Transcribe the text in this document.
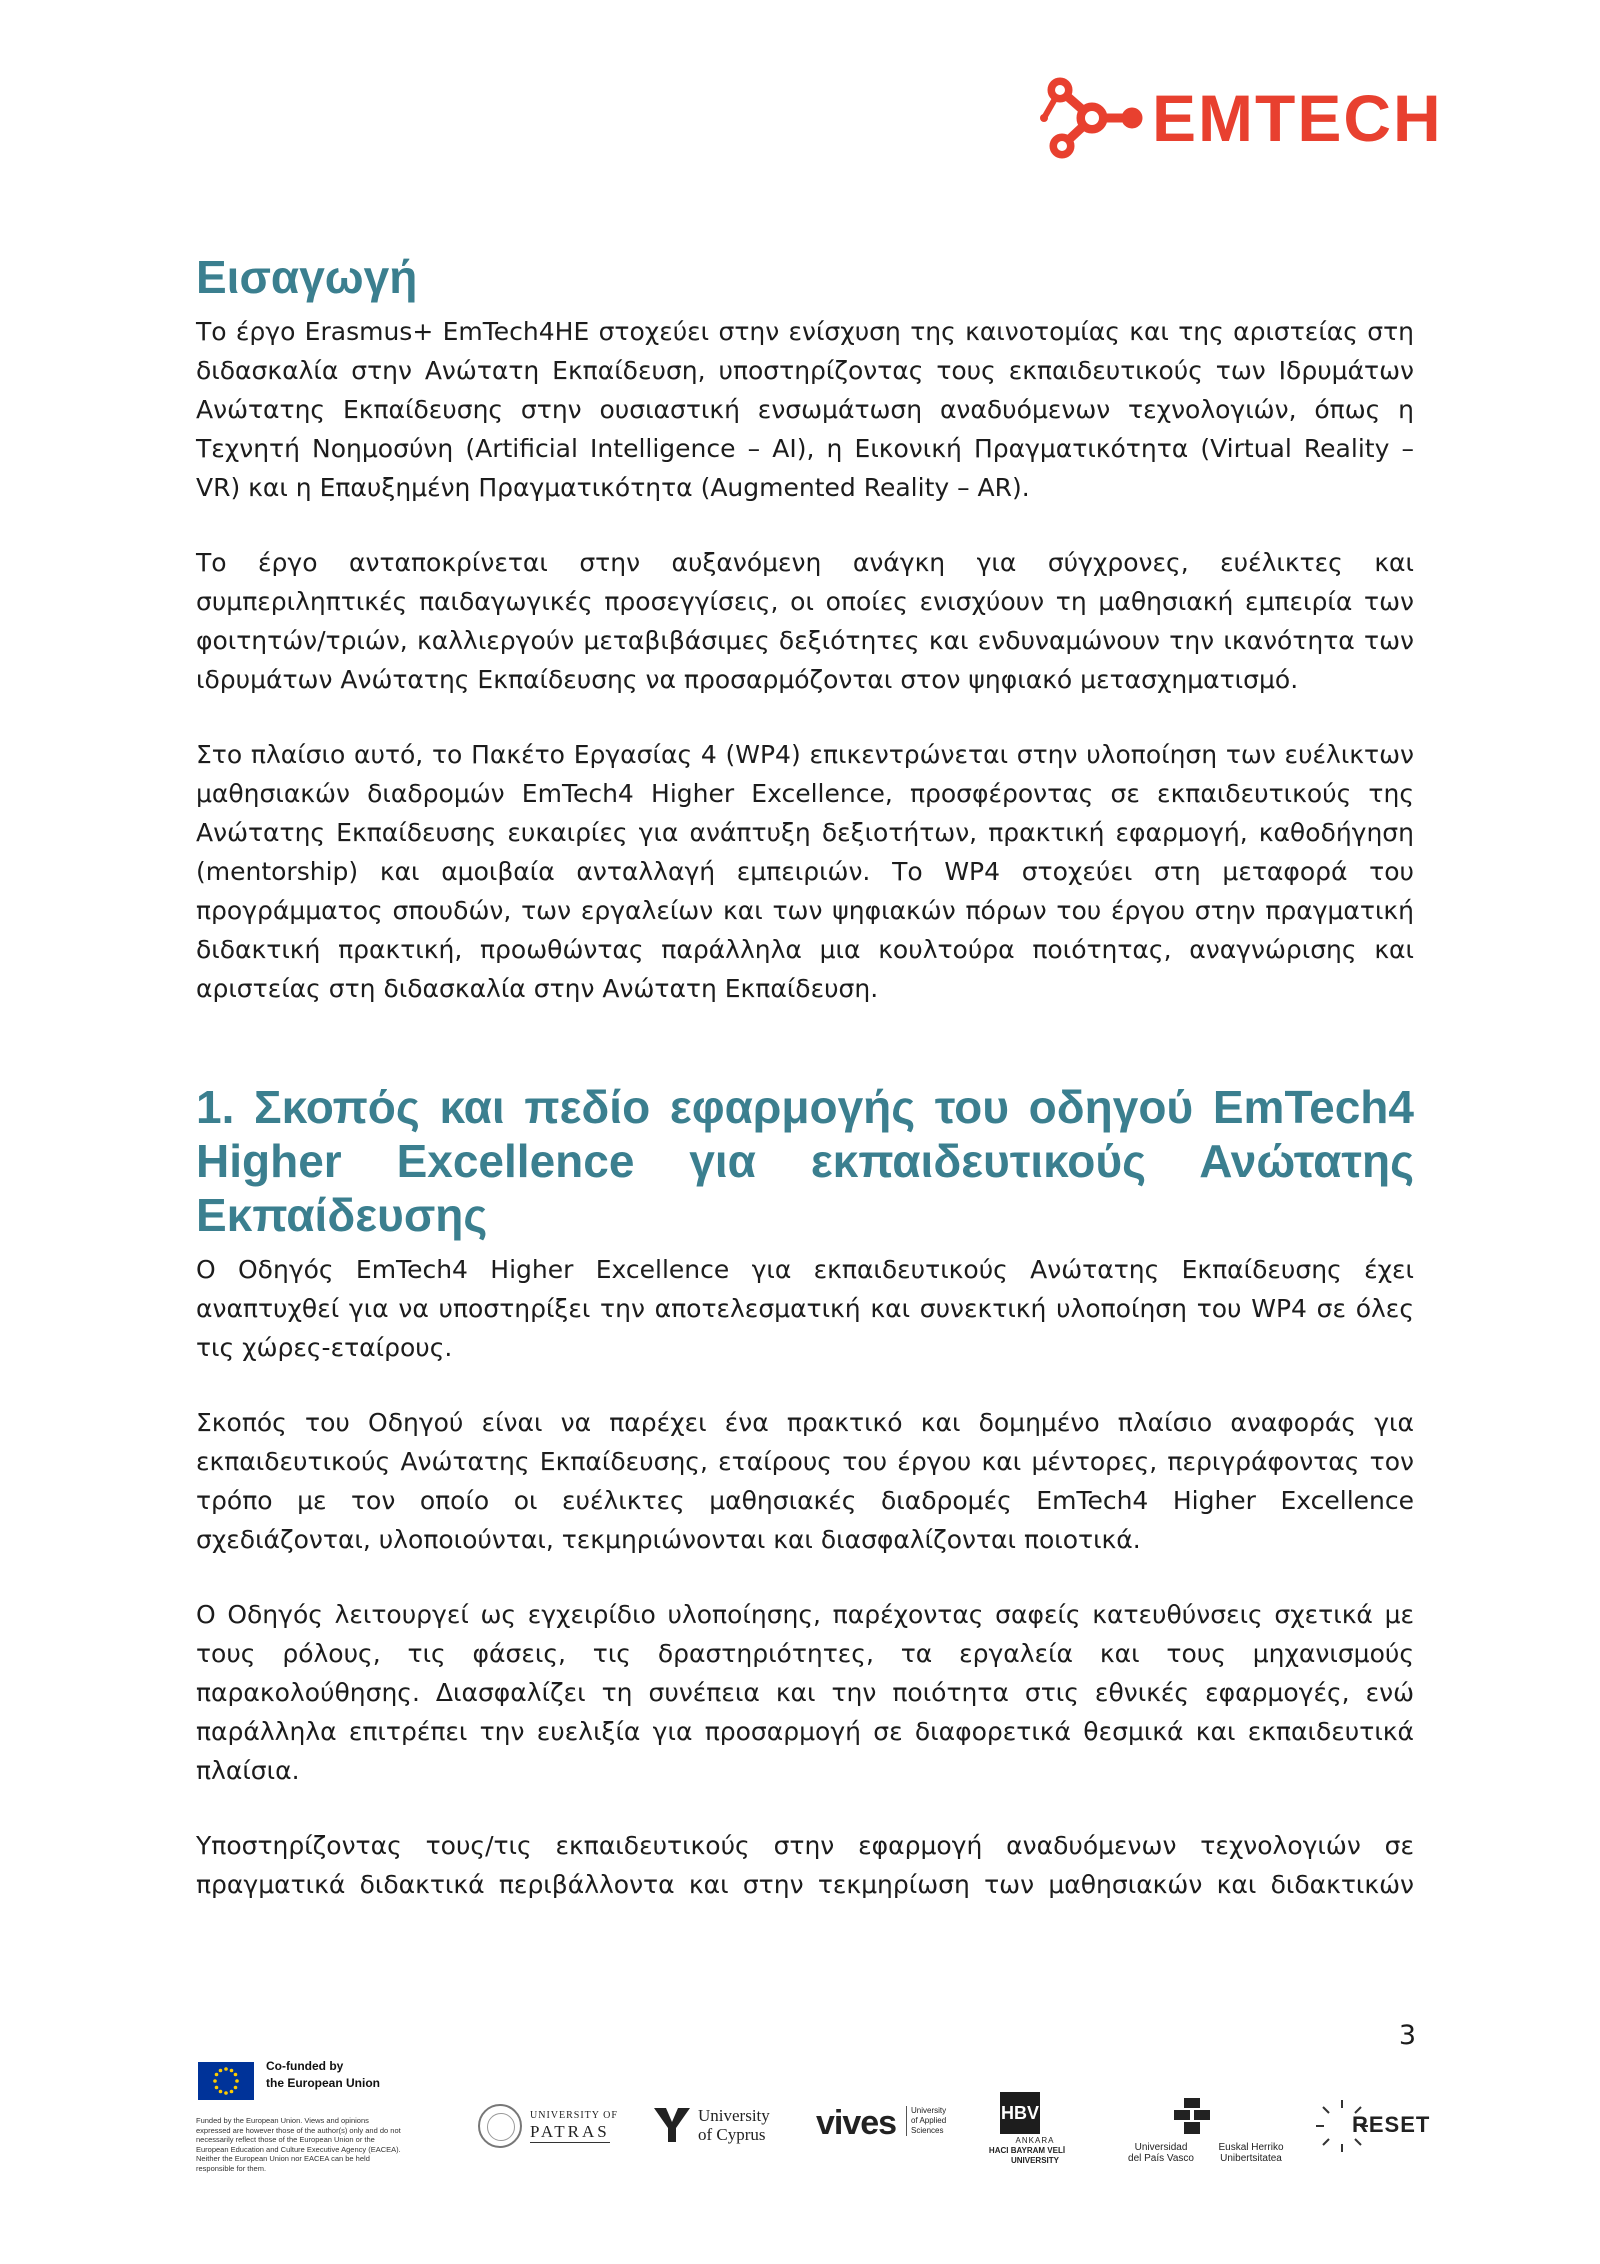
EMTECH
Εισαγωγή

Το έργο Erasmus+ EmTech4HE στοχεύει στην ενίσχυση της καινοτομίας και της αριστείας στη διδασκαλία στην Ανώτατη Εκπαίδευση, υποστηρίζοντας τους εκπαιδευτικούς των Ιδρυμάτων Ανώτατης Εκπαίδευσης στην ουσιαστική ενσωμάτωση αναδυόμενων τεχνολογιών, όπως η Τεχνητή Νοημοσύνη (Artificial Intelligence – AI), η Εικονική Πραγματικότητα (Virtual Reality – VR) και η Επαυξημένη Πραγματικότητα (Augmented Reality – AR).

Το έργο ανταποκρίνεται στην αυξανόμενη ανάγκη για σύγχρονες, ευέλικτες και συμπεριληπτικές παιδαγωγικές προσεγγίσεις, οι οποίες ενισχύουν τη μαθησιακή εμπειρία των φοιτητών/τριών, καλλιεργούν μεταβιβάσιμες δεξιότητες και ενδυναμώνουν την ικανότητα των ιδρυμάτων Ανώτατης Εκπαίδευσης να προσαρμόζονται στον ψηφιακό μετασχηματισμό.

Στο πλαίσιο αυτό, το Πακέτο Εργασίας 4 (WP4) επικεντρώνεται στην υλοποίηση των ευέλικτων μαθησιακών διαδρομών EmTech4 Higher Excellence, προσφέροντας σε εκπαιδευτικούς της Ανώτατης Εκπαίδευσης ευκαιρίες για ανάπτυξη δεξιοτήτων, πρακτική εφαρμογή, καθοδήγηση (mentorship) και αμοιβαία ανταλλαγή εμπειριών. Το WP4 στοχεύει στη μεταφορά του προγράμματος σπουδών, των εργαλείων και των ψηφιακών πόρων του έργου στην πραγματική διδακτική πρακτική, προωθώντας παράλληλα μια κουλτούρα ποιότητας, αναγνώρισης και αριστείας στη διδασκαλία στην Ανώτατη Εκπαίδευση.

1. Σκοπός και πεδίο εφαρμογής του οδηγού EmTech4 Higher Excellence για εκπαιδευτικούς Ανώτατης Εκπαίδευσης

Ο Οδηγός EmTech4 Higher Excellence για εκπαιδευτικούς Ανώτατης Εκπαίδευσης έχει αναπτυχθεί για να υποστηρίξει την αποτελεσματική και συνεκτική υλοποίηση του WP4 σε όλες τις χώρες-εταίρους.

Σκοπός του Οδηγού είναι να παρέχει ένα πρακτικό και δομημένο πλαίσιο αναφοράς για εκπαιδευτικούς Ανώτατης Εκπαίδευσης, εταίρους του έργου και μέντορες, περιγράφοντας τον τρόπο με τον οποίο οι ευέλικτες μαθησιακές διαδρομές EmTech4 Higher Excellence σχεδιάζονται, υλοποιούνται, τεκμηριώνονται και διασφαλίζονται ποιοτικά.

Ο Οδηγός λειτουργεί ως εγχειρίδιο υλοποίησης, παρέχοντας σαφείς κατευθύνσεις σχετικά με τους ρόλους, τις φάσεις, τις δραστηριότητες, τα εργαλεία και τους μηχανισμούς παρακολούθησης. Διασφαλίζει τη συνέπεια και την ποιότητα στις εθνικές εφαρμογές, ενώ παράλληλα επιτρέπει την ευελιξία για προσαρμογή σε διαφορετικά θεσμικά και εκπαιδευτικά πλαίσια.

Υποστηρίζοντας τους/τις εκπαιδευτικούς στην εφαρμογή αναδυόμενων τεχνολογιών σε πραγματικά διδακτικά περιβάλλοντα και στην τεκμηρίωση των μαθησιακών και διδακτικών

3
Co-funded by
the European Union
Funded by the European Union. Views and opinions
expressed are however those of the author(s) only and do not
necessarily reflect those of the European Union or the
European Education and Culture Executive Agency (EACEA).
Neither the European Union nor EACEA can be held
responsible for them.
UNIVERSITY OF
PATRAS
University
of Cyprus vives	University
of Applied
Sciences
HBV
ANKARA
HACI BAYRAM VELİ
UNIVERSITY
Universidad
del País Vasco
Euskal Herriko
Unibertsitatea
RESET
